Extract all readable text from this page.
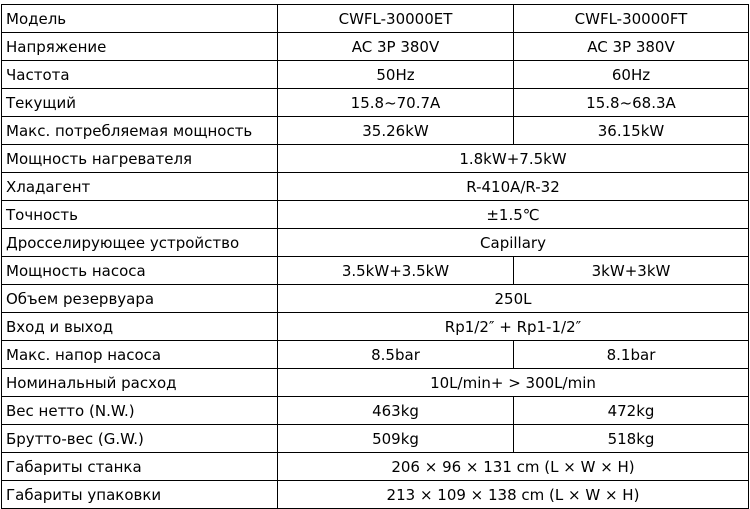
Модель	CWFL-30000ET	CWFL-30000FT
Напряжение	AC 3P 380V	AC 3P 380V
Частота	50Hz	60Hz
Текущий	15.8~70.7A	15.8~68.3A
Макс. потребляемая мощность	35.26kW	36.15kW
Мощность нагревателя	1.8kW+7.5kW	
Хладагент	R-410A/R-32	
Точность	±1.5℃	
Дросселирующее устройство	Capillary	
Мощность насоса	3.5kW+3.5kW	3kW+3kW
Объем резервуара	250L	
Вход и выход	Rp1/2″ + Rp1-1/2″	
Макс. напор насоса	8.5bar	8.1bar
Номинальный расход	10L/min+ > 300L/min	
Вес нетто (N.W.)	463kg	472kg
Брутто-вес (G.W.)	509kg	518kg
Габариты станка	206 × 96 × 131 cm (L × W × H)	
Габариты упаковки	213 × 109 × 138 cm (L × W × H)	
